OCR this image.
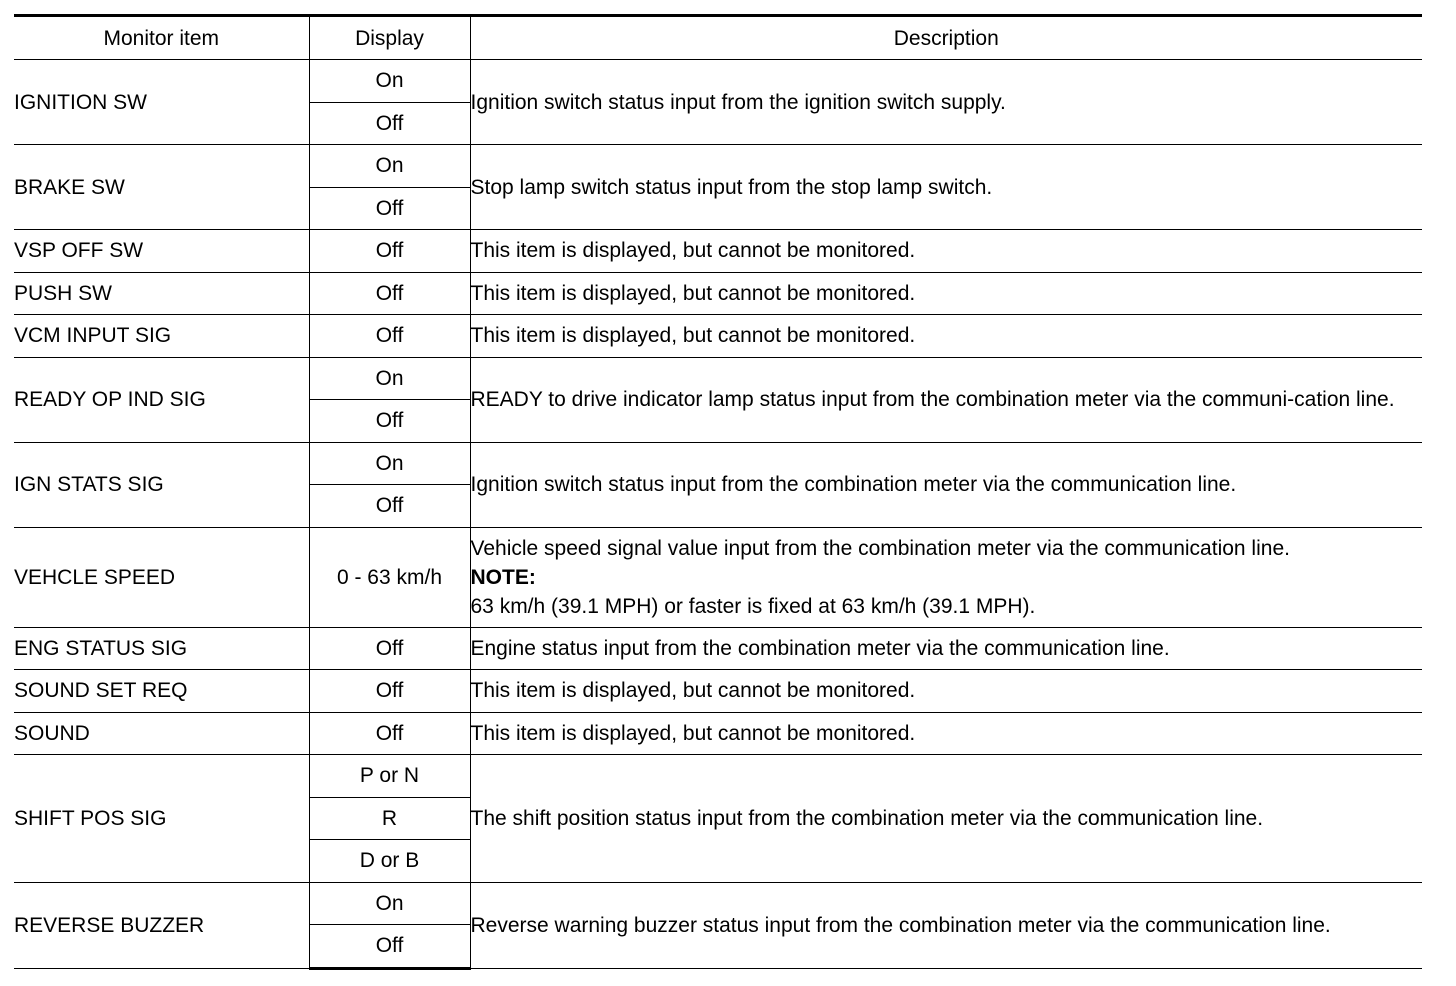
Monitor item	Display	Description
IGNITION SW	On	Ignition switch status input from the ignition switch supply.
	Off	
BRAKE SW	On	Stop lamp switch status input from the stop lamp switch.
	Off	
VSP OFF SW	Off	This item is displayed, but cannot be monitored.
PUSH SW	Off	This item is displayed, but cannot be monitored.
VCM INPUT SIG	Off	This item is displayed, but cannot be monitored.
READY OP IND SIG	On	READY to drive indicator lamp status input from the combination meter via the communi-cation line.
	Off	
IGN STATS SIG	On	Ignition switch status input from the combination meter via the communication line.
	Off	
VEHCLE SPEED	0 - 63 km/h	Vehicle speed signal value input from the combination meter via the communication line.
NOTE:
63 km/h (39.1 MPH) or faster is fixed at 63 km/h (39.1 MPH).

ENG STATUS SIG	Off	Engine status input from the combination meter via the communication line.
SOUND SET REQ	Off	This item is displayed, but cannot be monitored.
SOUND	Off	This item is displayed, but cannot be monitored.
SHIFT POS SIG	P or N	The shift position status input from the combination meter via the communication line.
	R	
	D or B	
REVERSE BUZZER	On	Reverse warning buzzer status input from the combination meter via the communication line.
	Off	
